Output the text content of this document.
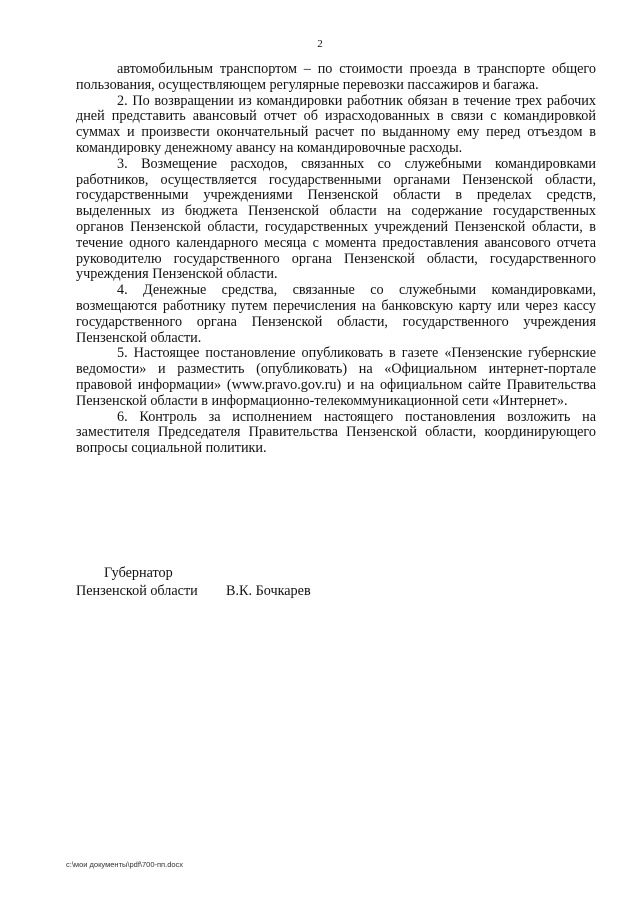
2

автомобильным транспортом – по стоимости проезда в транспорте общего пользования, осуществляющем регулярные перевозки пассажиров и багажа.

2. По возвращении из командировки работник обязан в течение трех рабочих дней представить авансовый отчет об израсходованных в связи с командировкой суммах и произвести окончательный расчет по выданному ему перед отъездом в командировку денежному авансу на командировочные расходы.

3. Возмещение расходов, связанных со служебными командировками работников, осуществляется государственными органами Пензенской области, государственными учреждениями Пензенской области в пределах средств, выделенных из бюджета Пензенской области на содержание государственных органов Пензенской области, государственных учреждений Пензенской области, в течение одного календарного месяца с момента предоставления авансового отчета руководителю государственного органа Пензенской области, государственного учреждения Пензенской области.

4. Денежные средства, связанные со служебными командировками, возмещаются работнику путем перечисления на банковскую карту или через кассу государственного органа Пензенской области, государственного учреждения Пензенской области.

5. Настоящее постановление опубликовать в газете «Пензенские губернские ведомости» и разместить (опубликовать) на «Официальном интернет-портале правовой информации» (www.pravo.gov.ru) и на официальном сайте Правительства Пензенской области в информационно-телекоммуникационной сети «Интернет».

6. Контроль за исполнением настоящего постановления возложить на заместителя Председателя Правительства Пензенской области, координирующего вопросы социальной политики.

Губернатор
Пензенской области	В.К. Бочкарев
c:\мои документы\pdf\700-пп.docx
